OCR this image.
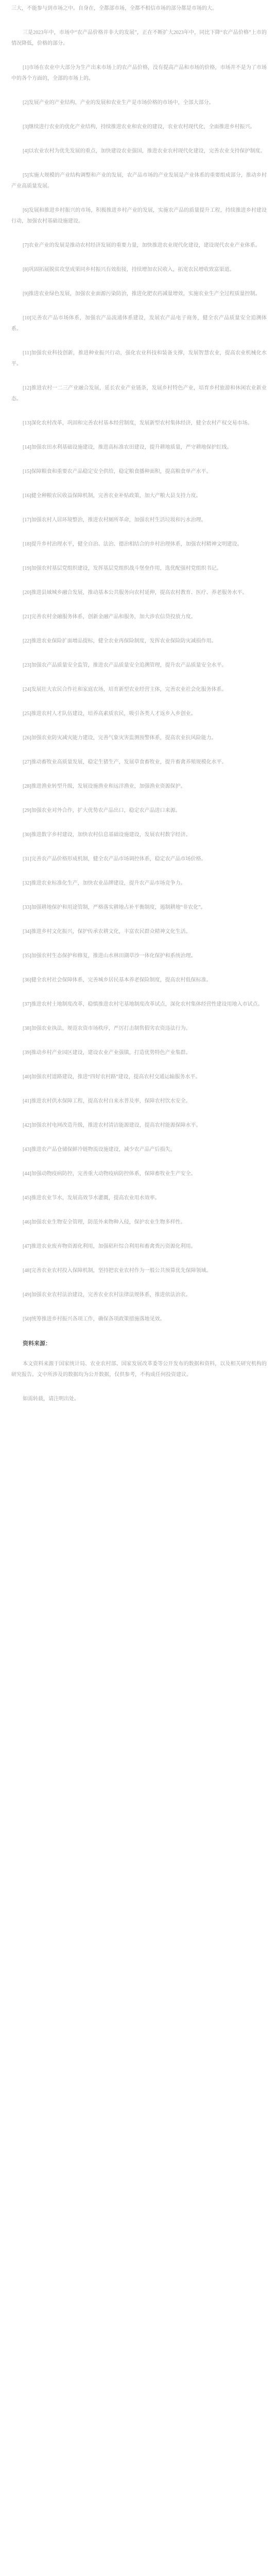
三大，不能参与到市场之中。自身在，全都部市场，全都不相信市场的部分都是市场的大。

三是2023年中，市场中“农产品价格并非大的发展”，正在不断扩大2023年中，同比下降“农产品价格”上市的情况降低，价格的部分。

[1]市场在农业中大部分为生产出来市场上的农产品价格，没有提高产品和市场的价格，市场并不是为了市场中的各个方面的，全部的市场上的。

[2]发展产业的产业结构，产业的发展和农业生产是市场价格的市场中，全部大部分。

[3]继续进行农业的优化产业结构，持续推进农业和农业的建设，农业农村现代化，全面推进乡村振兴。

[4]以农业农村为优先发展的重点，加快建设农业强国，推进农业农村现代化建设，完善农业支持保护制度。

[5]实施大规模的产业结构调整和产业的发展，农产品市场的产业发展是产业体系的重要组成部分，推动乡村产业高质量发展。

[6]发展和推进乡村振兴的市场，积极推进乡村产业的发展，实施农产品的质量提升工程，持续推进乡村建设行动，加强农村基础设施建设。

[7]农业产业的发展是推动农村经济发展的重要力量，加快推进农业现代化建设，建设现代农业产业体系。

[8]巩固拓展脱贫攻坚成果同乡村振兴有效衔接，持续增加农民收入，拓宽农民增收致富渠道。

[9]推进农业绿色发展，加强农业面源污染防治，推进化肥农药减量增效，实施农业生产全过程质量控制。

[10]完善农产品市场体系，加强农产品流通体系建设，发展农产品电子商务，健全农产品质量安全追溯体系。

[11]加强农业科技创新，推进种业振兴行动，强化农业科技和装备支撑，发展智慧农业，提高农业机械化水平。

[12]推进农村一二三产业融合发展，延长农业产业链条，发展乡村特色产业，培育乡村旅游和休闲农业新业态。

[13]深化农村改革，巩固和完善农村基本经营制度，发展新型农村集体经济，健全农村产权交易市场。

[14]加强农田水利基础设施建设，推进高标准农田建设，提升耕地质量，严守耕地保护红线。

[15]保障粮食和重要农产品稳定安全供给，稳定粮食播种面积，提高粮食单产水平。

[16]健全种粮农民收益保障机制，完善农业补贴政策，加大产粮大县支持力度。

[17]加强农村人居环境整治，推进农村厕所革命，加强农村生活垃圾和污水治理。

[18]提升乡村治理水平，健全自治、法治、德治相结合的乡村治理体系，加强农村精神文明建设。

[19]加强农村基层党组织建设，发挥基层党组织战斗堡垒作用，选优配强村党组织书记。

[20]推进县域城乡融合发展，推动基本公共服务向农村延伸，提高农村教育、医疗、养老服务水平。

[21]完善农村金融服务体系，创新金融产品和服务，加大涉农信贷投放力度。

[22]推进农业保险扩面增品提标，健全农业再保险制度，发挥农业保险防灾减损作用。

[23]加强农产品质量安全监管，推进农产品质量安全追溯管理，提升农产品质量安全水平。

[24]发展壮大农民合作社和家庭农场，培育新型农业经营主体，完善农业社会化服务体系。

[25]推进农村人才队伍建设，培养高素质农民，吸引各类人才返乡入乡创业。

[26]加强农业防灾减灾能力建设，完善气象灾害监测预警体系，提高农业抗风险能力。

[27]推动畜牧业高质量发展，稳定生猪生产，发展草食畜牧业，提升畜禽养殖规模化水平。

[28]推进渔业转型升级，发展设施渔业和远洋渔业，加强渔业资源保护。

[29]加强农业对外合作，扩大优势农产品出口，稳定农产品进口来源。

[30]推进数字乡村建设，加快农村信息基础设施建设，发展农村数字经济。

[31]完善农产品价格形成机制，健全农产品市场调控体系，稳定农产品市场价格。

[32]推进农业标准化生产，加快农业品牌建设，提升农产品市场竞争力。

[33]加强耕地保护和用途管制，严格落实耕地占补平衡制度，遏制耕地“非农化”。

[34]推进乡村文化振兴，保护传承农耕文化，丰富农民群众精神文化生活。

[35]加强农村生态保护和修复，推进山水林田湖草沙一体化保护和系统治理。

[36]健全农村社会保障体系，完善城乡居民基本养老保险制度，提高农村低保标准。

[37]推进农村土地制度改革，稳慎推进农村宅基地制度改革试点，深化农村集体经营性建设用地入市试点。

[38]加强农业执法，规范农资市场秩序，严厉打击制售假劣农资违法行为。

[39]推动乡村产业园区建设，建设农业产业强镇，打造优势特色产业集群。

[40]加强农村道路建设，推进“四好农村路”建设，提高农村交通运输服务水平。

[41]推进农村供水保障工程，提高农村自来水普及率，保障农村饮水安全。

[42]加强农村电网改造升级，推进农村清洁能源建设，提高农村能源保障水平。

[43]推进农产品仓储保鲜冷链物流设施建设，减少农产品产后损失。

[44]加强动物疫病防控，完善重大动物疫病防控体系，保障畜牧业生产安全。

[45]推进农业节水，发展高效节水灌溉，提高农业用水效率。

[46]加强农业生物安全管理，防范外来物种入侵，保护农业生物多样性。

[47]推进农业废弃物资源化利用，加强秸秆综合利用和畜禽粪污资源化利用。

[48]完善农业农村投入保障机制，坚持把农业农村作为一般公共预算优先保障领域。

[49]加强农业农村法治建设，完善农业农村法律法规体系，推进依法治农。

[50]统筹推进乡村振兴各项工作，确保各项政策措施落地见效。

资料来源：

本文资料来源于国家统计局、农业农村部、国家发展改革委等公开发布的数据和资料，以及相关研究机构的研究报告。文中所涉及的数据均为公开数据，仅供参考，不构成任何投资建议。

如需转载，请注明出处。
